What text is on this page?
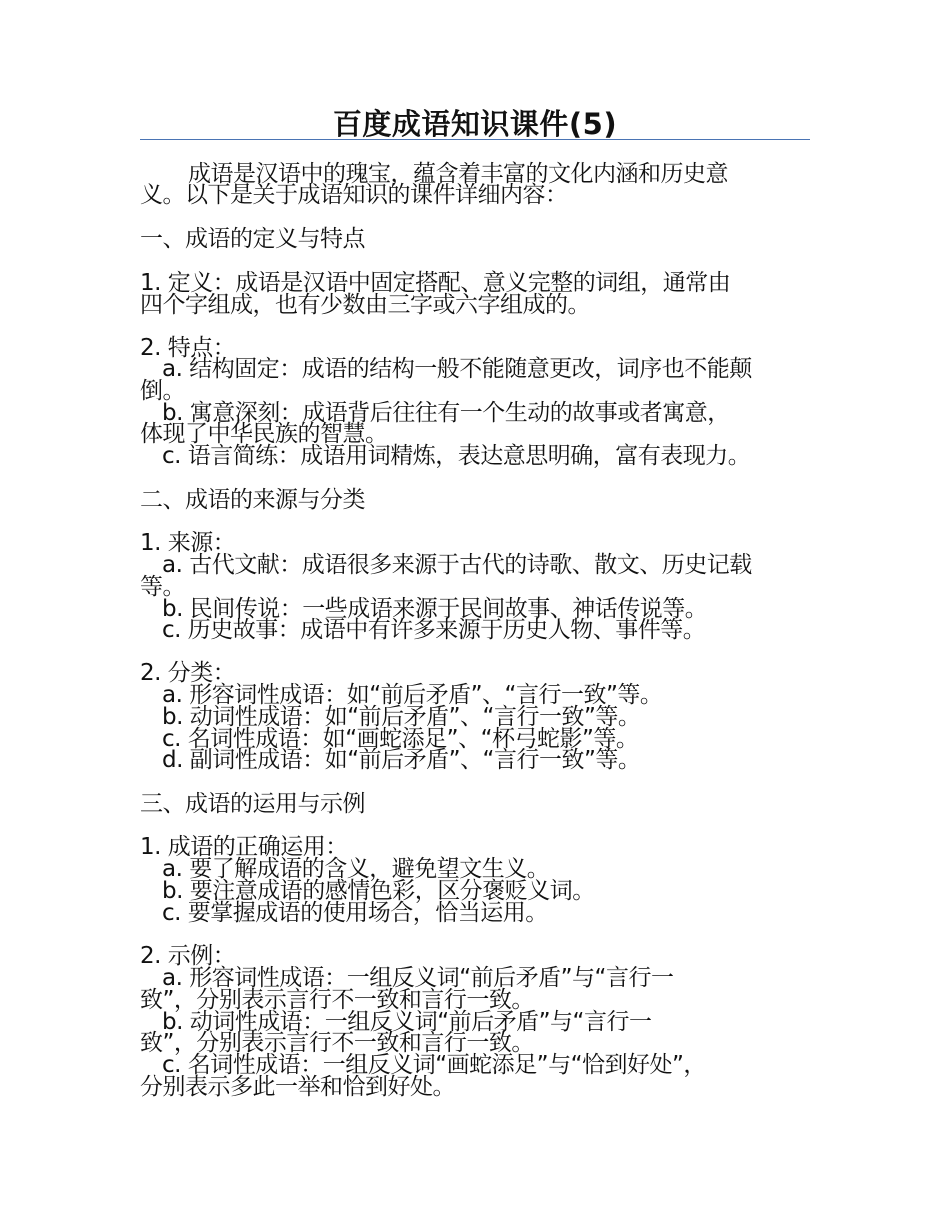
百度成语知识课件(5)
成语是汉语中的瑰宝，蕴含着丰富的文化内涵和历史意
义。以下是关于成语知识的课件详细内容：
一、成语的定义与特点
1. 定义：成语是汉语中固定搭配、意义完整的词组，通常由
四个字组成，也有少数由三字或六字组成的。
2. 特点：
a. 结构固定：成语的结构一般不能随意更改，词序也不能颠
倒。
b. 寓意深刻：成语背后往往有一个生动的故事或者寓意，
体现了中华民族的智慧。
c. 语言简练：成语用词精炼，表达意思明确，富有表现力。
二、成语的来源与分类
1. 来源：
a. 古代文献：成语很多来源于古代的诗歌、散文、历史记载
等。
b. 民间传说：一些成语来源于民间故事、神话传说等。
c. 历史故事：成语中有许多来源于历史人物、事件等。
2. 分类：
a. 形容词性成语：如“前后矛盾”、“言行一致”等。
b. 动词性成语：如“前后矛盾”、“言行一致”等。
c. 名词性成语：如“画蛇添足”、“杯弓蛇影”等。
d. 副词性成语：如“前后矛盾”、“言行一致”等。
三、成语的运用与示例
1. 成语的正确运用：
a. 要了解成语的含义，避免望文生义。
b. 要注意成语的感情色彩，区分褒贬义词。
c. 要掌握成语的使用场合，恰当运用。
2. 示例：
a. 形容词性成语：一组反义词“前后矛盾”与“言行一
致”，分别表示言行不一致和言行一致。
b. 动词性成语：一组反义词“前后矛盾”与“言行一
致”，分别表示言行不一致和言行一致。
c. 名词性成语：一组反义词“画蛇添足”与“恰到好处”，
分别表示多此一举和恰到好处。
